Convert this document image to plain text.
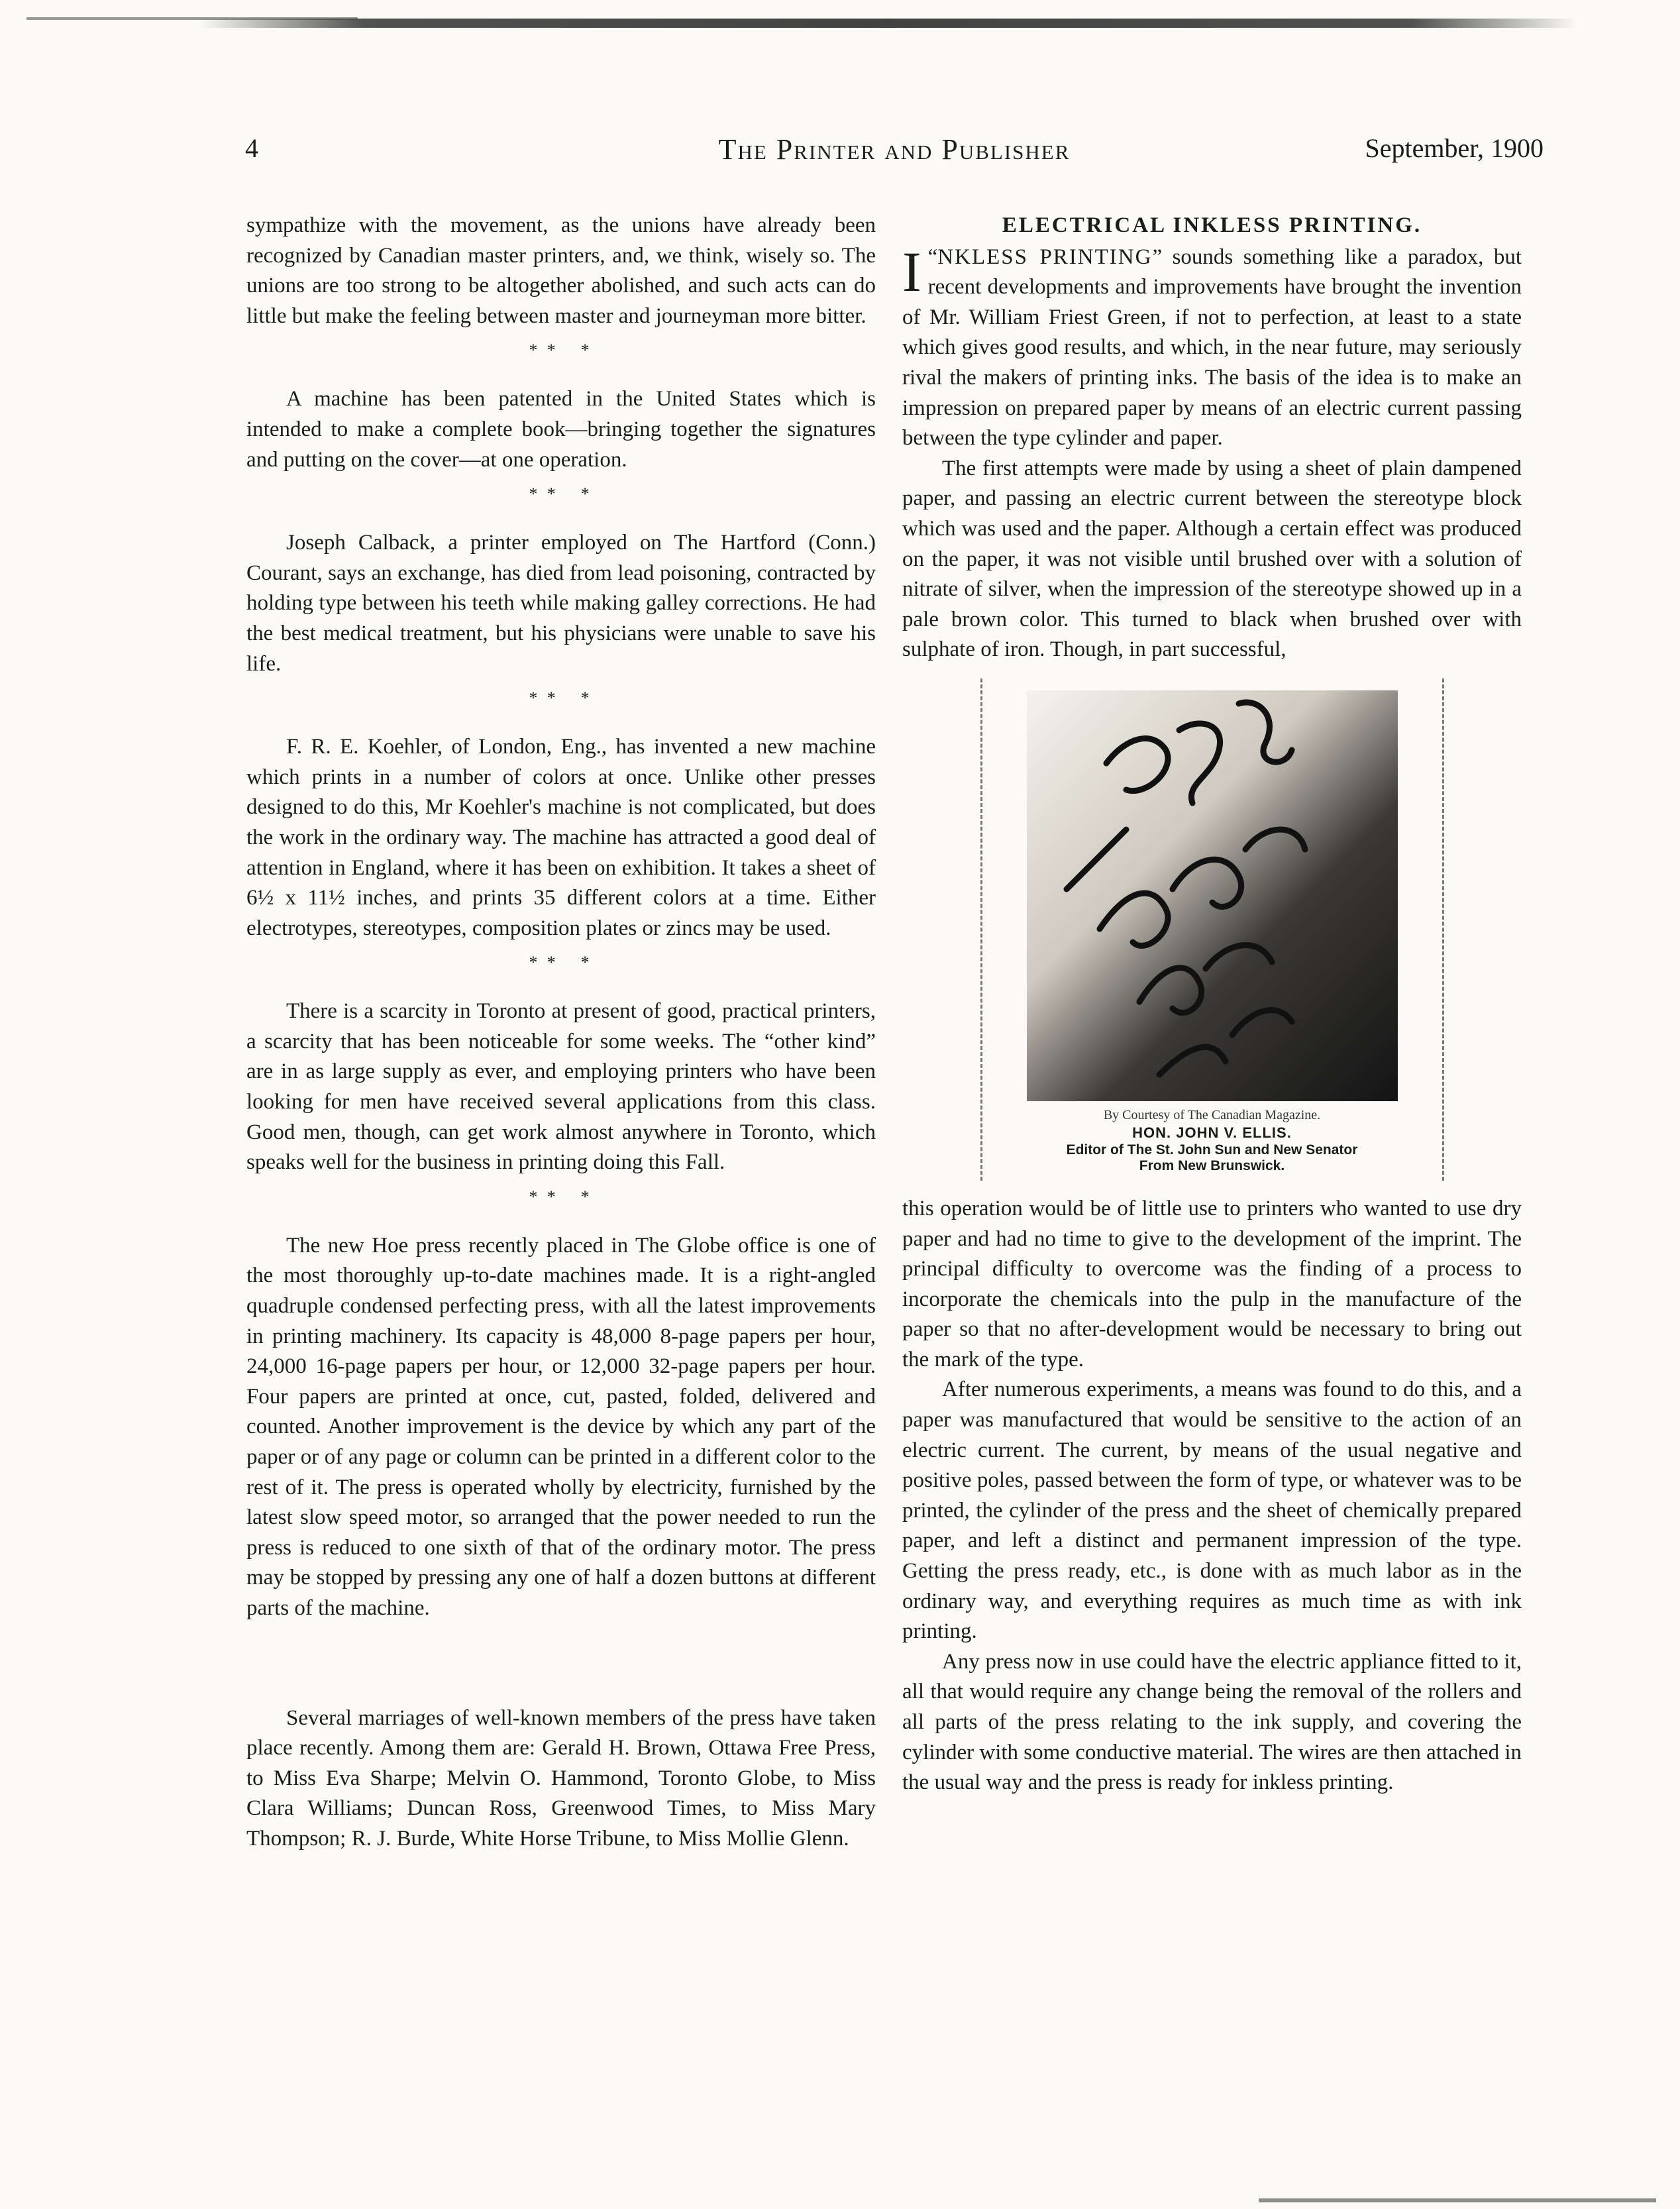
4	The Printer and Publisher	September, 1900

sympathize with the movement, as the unions have already been recognized by Canadian master printers, and, we think, wisely so. The unions are too strong to be altogether abolished, and such acts can do little but make the feeling between master and journeyman more bitter.

* * *

A machine has been patented in the United States which is intended to make a complete book—bringing together the signatures and putting on the cover—at one operation.

* * *

Joseph Calback, a printer employed on The Hartford (Conn.) Courant, says an exchange, has died from lead poisoning, contracted by holding type between his teeth while making galley corrections. He had the best medical treatment, but his physicians were unable to save his life.

* * *

F. R. E. Koehler, of London, Eng., has invented a new machine which prints in a number of colors at once. Unlike other presses designed to do this, Mr Koehler's machine is not complicated, but does the work in the ordinary way. The machine has attracted a good deal of attention in England, where it has been on exhibition. It takes a sheet of 6½ x 11½ inches, and prints 35 different colors at a time. Either electrotypes, stereotypes, composition plates or zincs may be used.

* * *

There is a scarcity in Toronto at present of good, practical printers, a scarcity that has been noticeable for some weeks. The “other kind” are in as large supply as ever, and employing printers who have been looking for men have received several applications from this class. Good men, though, can get work almost anywhere in Toronto, which speaks well for the business in printing doing this Fall.

* * *

The new Hoe press recently placed in The Globe office is one of the most thoroughly up-to-date machines made. It is a right-angled quadruple condensed perfecting press, with all the latest improvements in printing machinery. Its capacity is 48,000 8-page papers per hour, 24,000 16-page papers per hour, or 12,000 32-page papers per hour. Four papers are printed at once, cut, pasted, folded, delivered and counted. Another improvement is the device by which any part of the paper or of any page or column can be printed in a different color to the rest of it. The press is operated wholly by electricity, furnished by the latest slow speed motor, so arranged that the power needed to run the press is reduced to one sixth of that of the ordinary motor. The press may be stopped by pressing any one of half a dozen buttons at different parts of the machine.

Several marriages of well-known members of the press have taken place recently. Among them are: Gerald H. Brown, Ottawa Free Press, to Miss Eva Sharpe; Melvin O. Hammond, Toronto Globe, to Miss Clara Williams; Duncan Ross, Greenwood Times, to Miss Mary Thompson; R. J. Burde, White Horse Tribune, to Miss Mollie Glenn.

ELECTRICAL INKLESS PRINTING.

“
I NKLESS PRINTING” sounds something like a paradox, but recent developments and improvements have brought the invention of Mr. William Friest Green, if not to perfection, at least to a state which gives good results, and which, in the near future, may seriously rival the makers of printing inks. The basis of the idea is to make an impression on prepared paper by means of an electric current passing between the type cylinder and paper.

The first attempts were made by using a sheet of plain dampened paper, and passing an electric current between the stereotype block which was used and the paper. Although a certain effect was produced on the paper, it was not visible until brushed over with a solution of nitrate of silver, when the impression of the stereotype showed up in a pale brown color. This turned to black when brushed over with sulphate of iron. Though, in part successful,

By Courtesy of The Canadian Magazine.
HON. JOHN V. ELLIS.
Editor of The St. John Sun and New Senator
From New Brunswick.

this operation would be of little use to printers who wanted to use dry paper and had no time to give to the development of the imprint. The principal difficulty to overcome was the finding of a process to incorporate the chemicals into the pulp in the manufacture of the paper so that no after-development would be necessary to bring out the mark of the type.

After numerous experiments, a means was found to do this, and a paper was manufactured that would be sensitive to the action of an electric current. The current, by means of the usual negative and positive poles, passed between the form of type, or whatever was to be printed, the cylinder of the press and the sheet of chemically prepared paper, and left a distinct and permanent impression of the type. Getting the press ready, etc., is done with as much labor as in the ordinary way, and everything requires as much time as with ink printing.

Any press now in use could have the electric appliance fitted to it, all that would require any change being the removal of the rollers and all parts of the press relating to the ink supply, and covering the cylinder with some conductive material. The wires are then attached in the usual way and the press is ready for inkless printing.
